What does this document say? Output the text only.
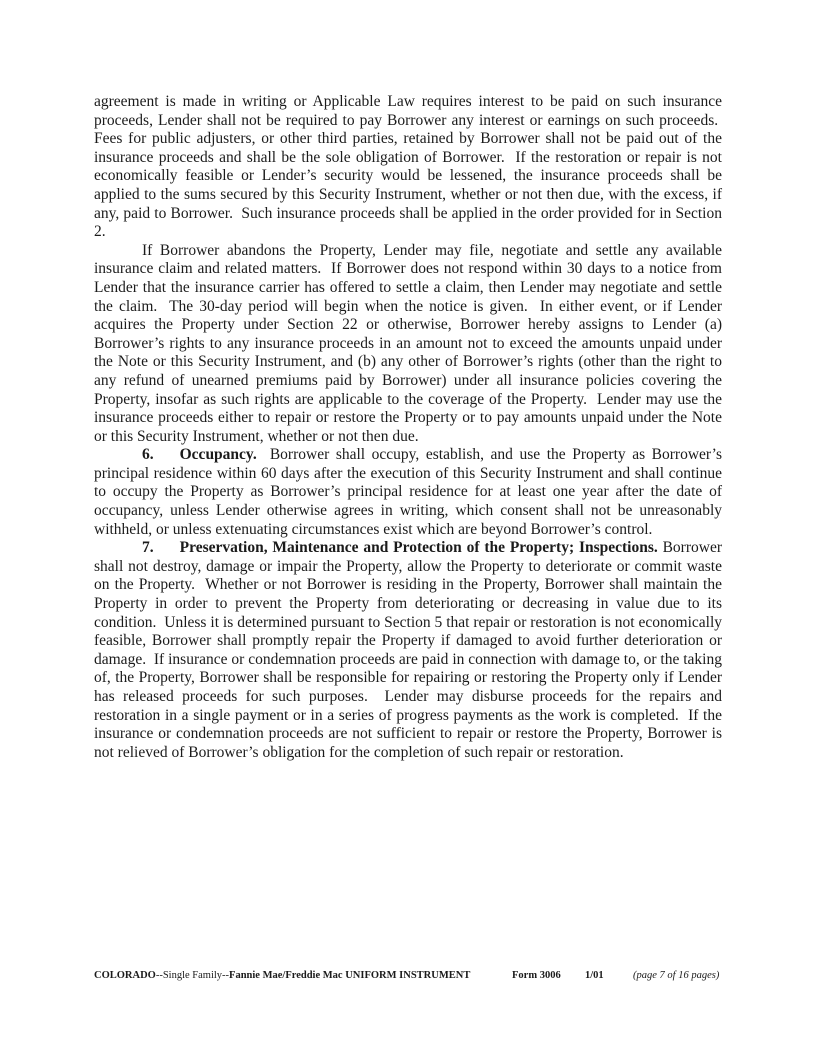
agreement is made in writing or Applicable Law requires interest to be paid on such insurance proceeds, Lender shall not be required to pay Borrower any interest or earnings on such proceeds.  Fees for public adjusters, or other third parties, retained by Borrower shall not be paid out of the insurance proceeds and shall be the sole obligation of Borrower.  If the restoration or repair is not economically feasible or Lender’s security would be lessened, the insurance proceeds shall be applied to the sums secured by this Security Instrument, whether or not then due, with the excess, if any, paid to Borrower.  Such insurance proceeds shall be applied in the order provided for in Section 2.

If Borrower abandons the Property, Lender may file, negotiate and settle any available insurance claim and related matters.  If Borrower does not respond within 30 days to a notice from Lender that the insurance carrier has offered to settle a claim, then Lender may negotiate and settle the claim.  The 30-day period will begin when the notice is given.  In either event, or if Lender acquires the Property under Section 22 or otherwise, Borrower hereby assigns to Lender (a) Borrower’s rights to any insurance proceeds in an amount not to exceed the amounts unpaid under the Note or this Security Instrument, and (b) any other of Borrower’s rights (other than the right to any refund of unearned premiums paid by Borrower) under all insurance policies covering the Property, insofar as such rights are applicable to the coverage of the Property.  Lender may use the insurance proceeds either to repair or restore the Property or to pay amounts unpaid under the Note or this Security Instrument, whether or not then due.

6. Occupancy.  Borrower shall occupy, establish, and use the Property as Borrower’s principal residence within 60 days after the execution of this Security Instrument and shall continue to occupy the Property as Borrower’s principal residence for at least one year after the date of occupancy, unless Lender otherwise agrees in writing, which consent shall not be unreasonably withheld, or unless extenuating circumstances exist which are beyond Borrower’s control.

7. Preservation, Maintenance and Protection of the Property; Inspections. Borrower shall not destroy, damage or impair the Property, allow the Property to deteriorate or commit waste on the Property.  Whether or not Borrower is residing in the Property, Borrower shall maintain the Property in order to prevent the Property from deteriorating or decreasing in value due to its condition.  Unless it is determined pursuant to Section 5 that repair or restoration is not economically feasible, Borrower shall promptly repair the Property if damaged to avoid further deterioration or damage.  If insurance or condemnation proceeds are paid in connection with damage to, or the taking of, the Property, Borrower shall be responsible for repairing or restoring the Property only if Lender has released proceeds for such purposes.  Lender may disburse proceeds for the repairs and restoration in a single payment or in a series of progress payments as the work is completed.  If the insurance or condemnation proceeds are not sufficient to repair or restore the Property, Borrower is not relieved of Borrower’s obligation for the completion of such repair or restoration.

COLORADO--Single Family--Fannie Mae/Freddie Mac UNIFORM INSTRUMENT	Form 3006 1/01	(page 7 of 16 pages)
